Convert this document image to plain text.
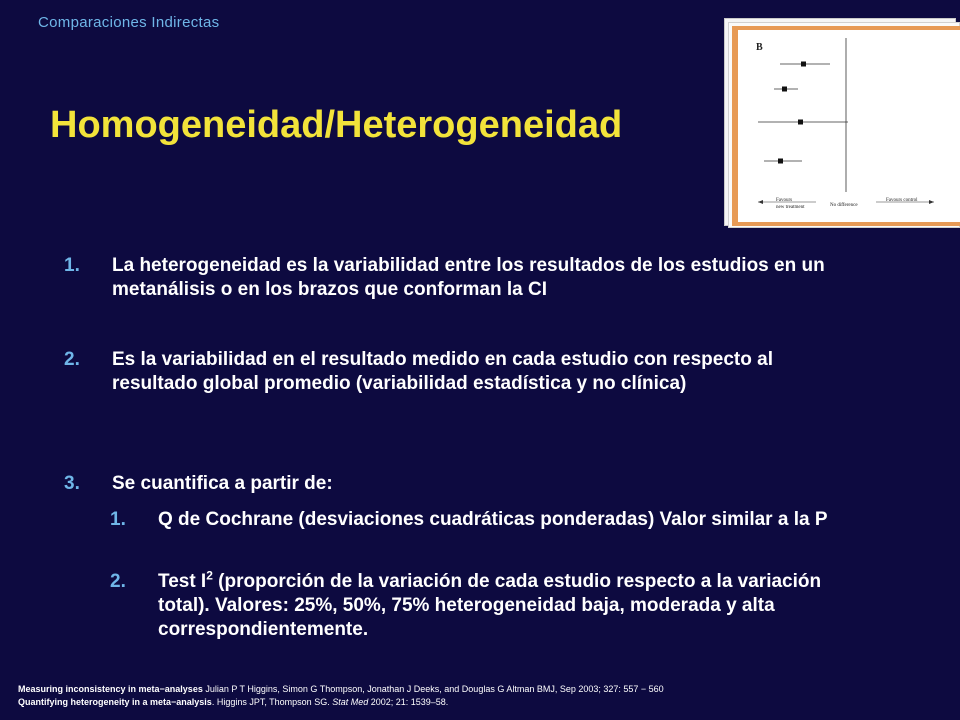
Comparaciones Indirectas
Homogeneidad/Heterogeneidad
B
Favours
new treatment	No difference
Favours control
1. La heterogeneidad es la variabilidad entre los resultados de los estudios en un metanálisis o en los brazos que conforman la CI
2. Es la variabilidad en el resultado medido en cada estudio con respecto al resultado global promedio (variabilidad estadística y no clínica)
3. Se cuantifica a partir de:
1. Q de Cochrane (desviaciones cuadráticas ponderadas) Valor similar a la P
2. Test $I^2$ (proporción de la variación de cada estudio respecto a la variación total). Valores: 25%, 50%, 75% heterogeneidad baja, moderada y alta correspondientemente.
Measuring inconsistency in meta−analyses Julian P T Higgins, Simon G Thompson, Jonathan J Deeks, and Douglas G Altman BMJ, Sep 2003; 327: 557 − 560
Quantifying heterogeneity in a meta−analysis. Higgins JPT, Thompson SG. Stat Med 2002; 21: 1539–58.
